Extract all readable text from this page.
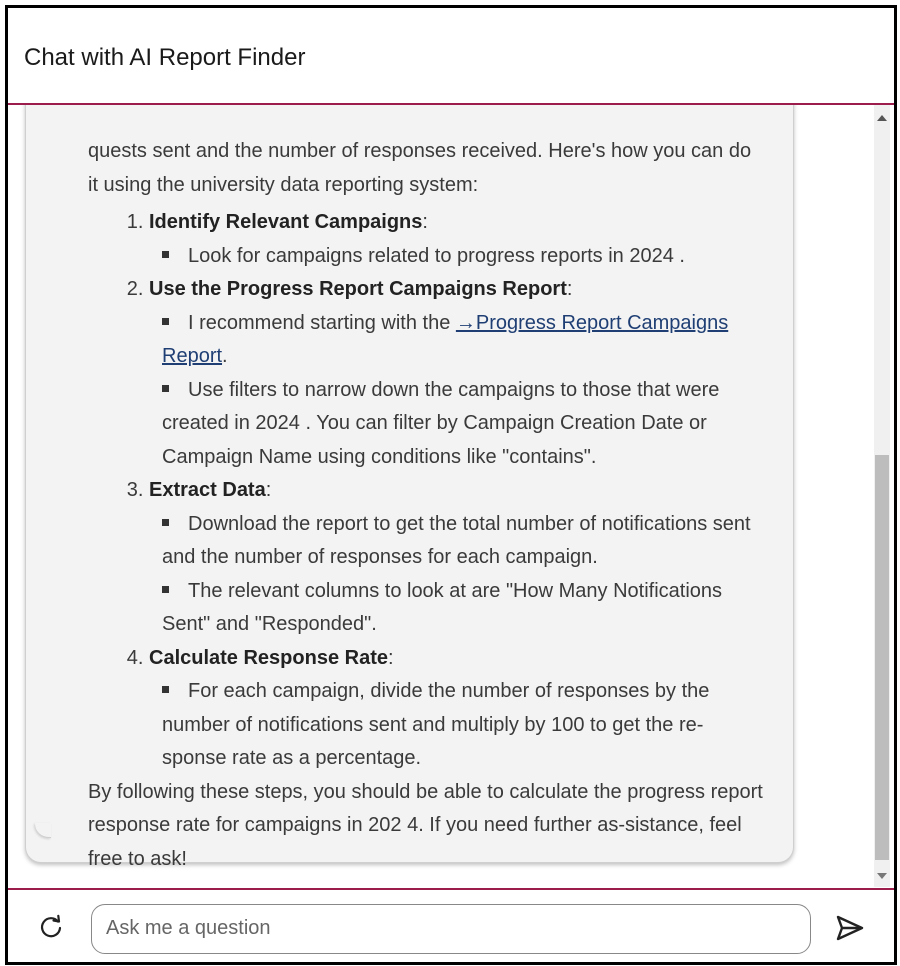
Chat with AI Report Finder

quests sent and the number of responses received. Here's how you can do it using the university data reporting system:

1. Identify Relevant Campaigns:
Look for campaigns related to progress reports in 2024 .
2. Use the Progress Report Campaigns Report:
I recommend starting with the →Progress Report Campaigns Report.
Use filters to narrow down the campaigns to those that were created in 2024 . You can filter by Campaign Creation Date or Campaign Name using conditions like "contains".
3. Extract Data:
Download the report to get the total number of notifications sent and the number of responses for each campaign.
The relevant columns to look at are "How Many Notifications Sent" and "Responded".
4. Calculate Response Rate:
For each campaign, divide the number of responses by the number of notifications sent and multiply by 100 to get the re-sponse rate as a percentage.

By following these steps, you should be able to calculate the progress report response rate for campaigns in 202 4. If you need further as-sistance, feel free to ask!

Ask me a question
